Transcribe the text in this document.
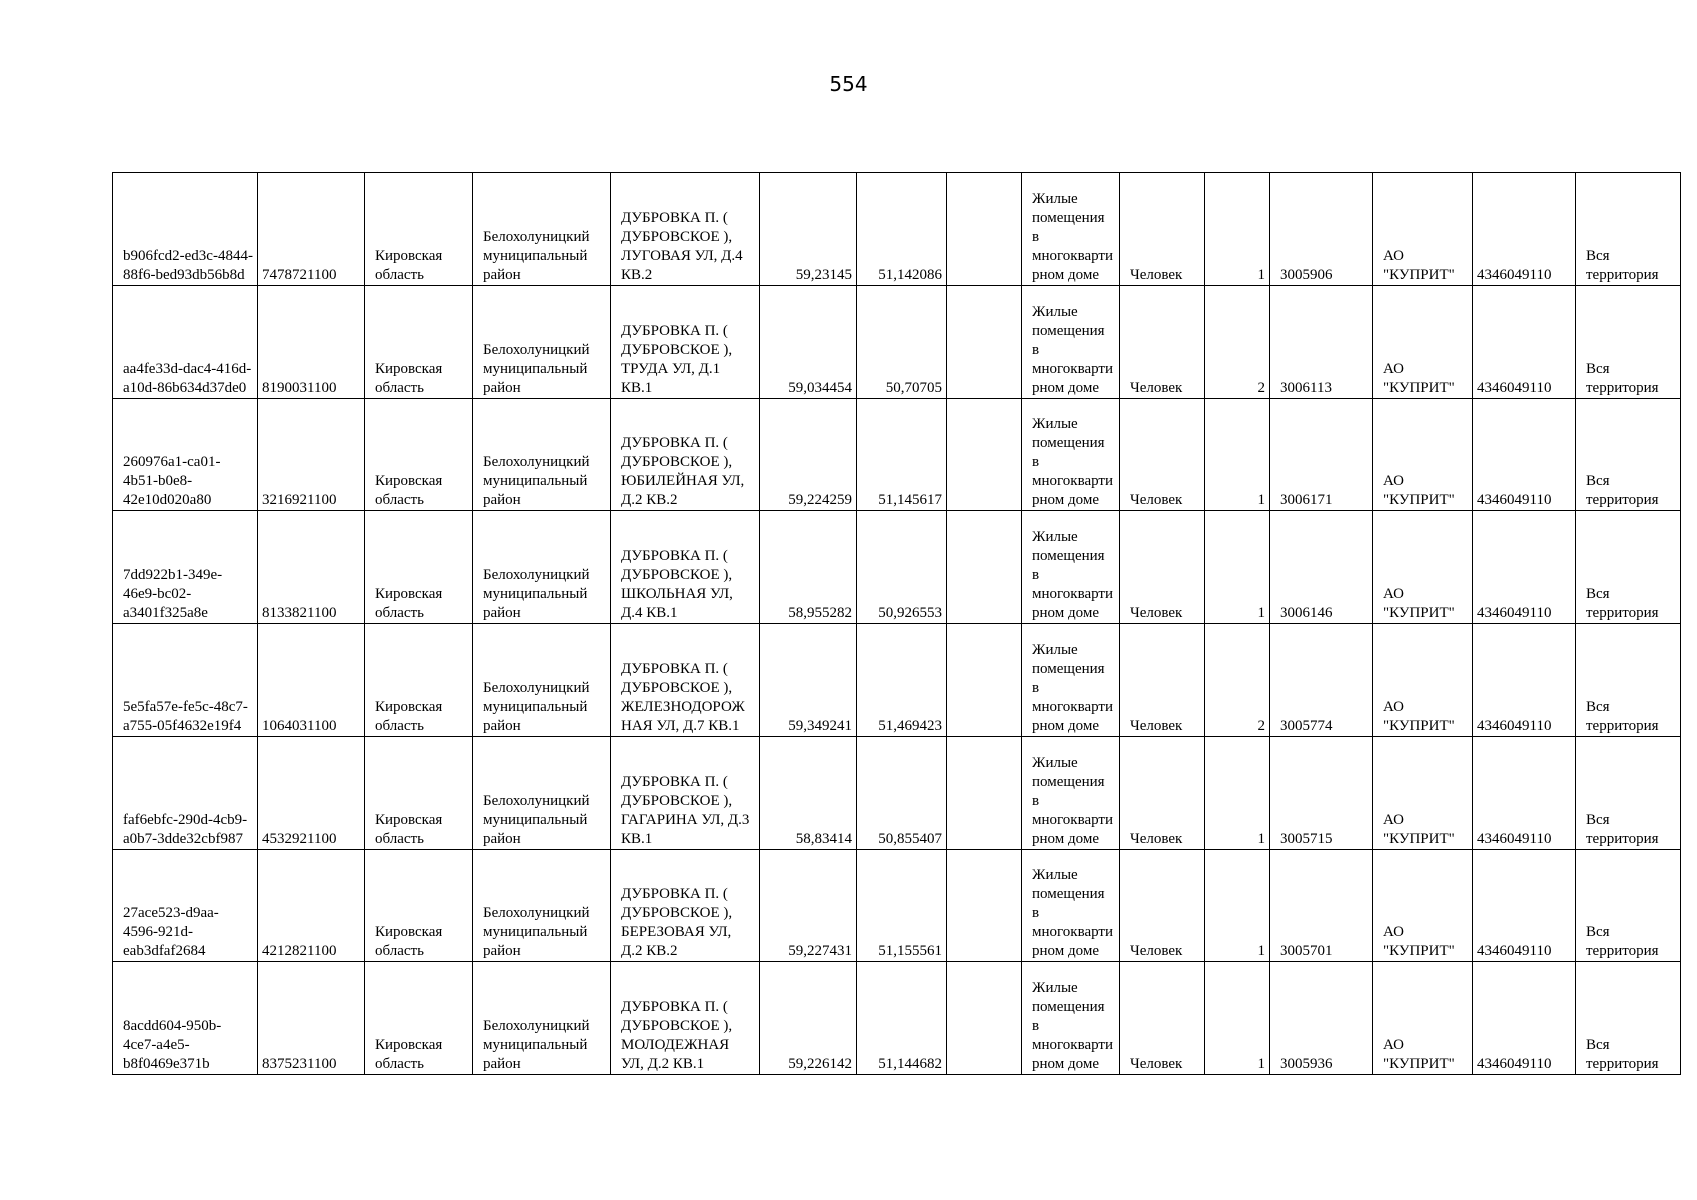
554
b906fcd2-ed3c-4844-88f6-bed93db56b8d	7478721100	Кировская область	Белохолуницкий муниципальный район	ДУБРОВКА П. ( ДУБРОВСКОЕ ), ЛУГОВАЯ УЛ, Д.4 КВ.2	59,23145	51,142086		Жилые помещения в многоквартирном доме	Человек	1	3005906	АО "КУПРИТ"	4346049110	Вся территория
aa4fe33d-dac4-416d-a10d-86b634d37de0	8190031100	Кировская область	Белохолуницкий муниципальный район	ДУБРОВКА П. ( ДУБРОВСКОЕ ), ТРУДА УЛ, Д.1 КВ.1	59,034454	50,70705		Жилые помещения в многоквартирном доме	Человек	2	3006113	АО "КУПРИТ"	4346049110	Вся территория
260976a1-ca01-4b51-b0e8-42e10d020a80	3216921100	Кировская область	Белохолуницкий муниципальный район	ДУБРОВКА П. ( ДУБРОВСКОЕ ), ЮБИЛЕЙНАЯ УЛ, Д.2 КВ.2	59,224259	51,145617		Жилые помещения в многоквартирном доме	Человек	1	3006171	АО "КУПРИТ"	4346049110	Вся территория
7dd922b1-349e-46e9-bc02-a3401f325a8e	8133821100	Кировская область	Белохолуницкий муниципальный район	ДУБРОВКА П. ( ДУБРОВСКОЕ ), ШКОЛЬНАЯ УЛ, Д.4 КВ.1	58,955282	50,926553		Жилые помещения в многоквартирном доме	Человек	1	3006146	АО "КУПРИТ"	4346049110	Вся территория
5e5fa57e-fe5c-48c7-a755-05f4632e19f4	1064031100	Кировская область	Белохолуницкий муниципальный район	ДУБРОВКА П. ( ДУБРОВСКОЕ ), ЖЕЛЕЗНОДОРОЖНАЯ УЛ, Д.7 КВ.1	59,349241	51,469423		Жилые помещения в многоквартирном доме	Человек	2	3005774	АО "КУПРИТ"	4346049110	Вся территория
faf6ebfc-290d-4cb9-a0b7-3dde32cbf987	4532921100	Кировская область	Белохолуницкий муниципальный район	ДУБРОВКА П. ( ДУБРОВСКОЕ ), ГАГАРИНА УЛ, Д.3 КВ.1	58,83414	50,855407		Жилые помещения в многоквартирном доме	Человек	1	3005715	АО "КУПРИТ"	4346049110	Вся территория
27ace523-d9aa-4596-921d-eab3dfaf2684	4212821100	Кировская область	Белохолуницкий муниципальный район	ДУБРОВКА П. ( ДУБРОВСКОЕ ), БЕРЕЗОВАЯ УЛ, Д.2 КВ.2	59,227431	51,155561		Жилые помещения в многоквартирном доме	Человек	1	3005701	АО "КУПРИТ"	4346049110	Вся территория
8acdd604-950b-4ce7-a4e5-b8f0469e371b	8375231100	Кировская область	Белохолуницкий муниципальный район	ДУБРОВКА П. ( ДУБРОВСКОЕ ), МОЛОДЕЖНАЯ УЛ, Д.2 КВ.1	59,226142	51,144682		Жилые помещения в многоквартирном доме	Человек	1	3005936	АО "КУПРИТ"	4346049110	Вся территория
